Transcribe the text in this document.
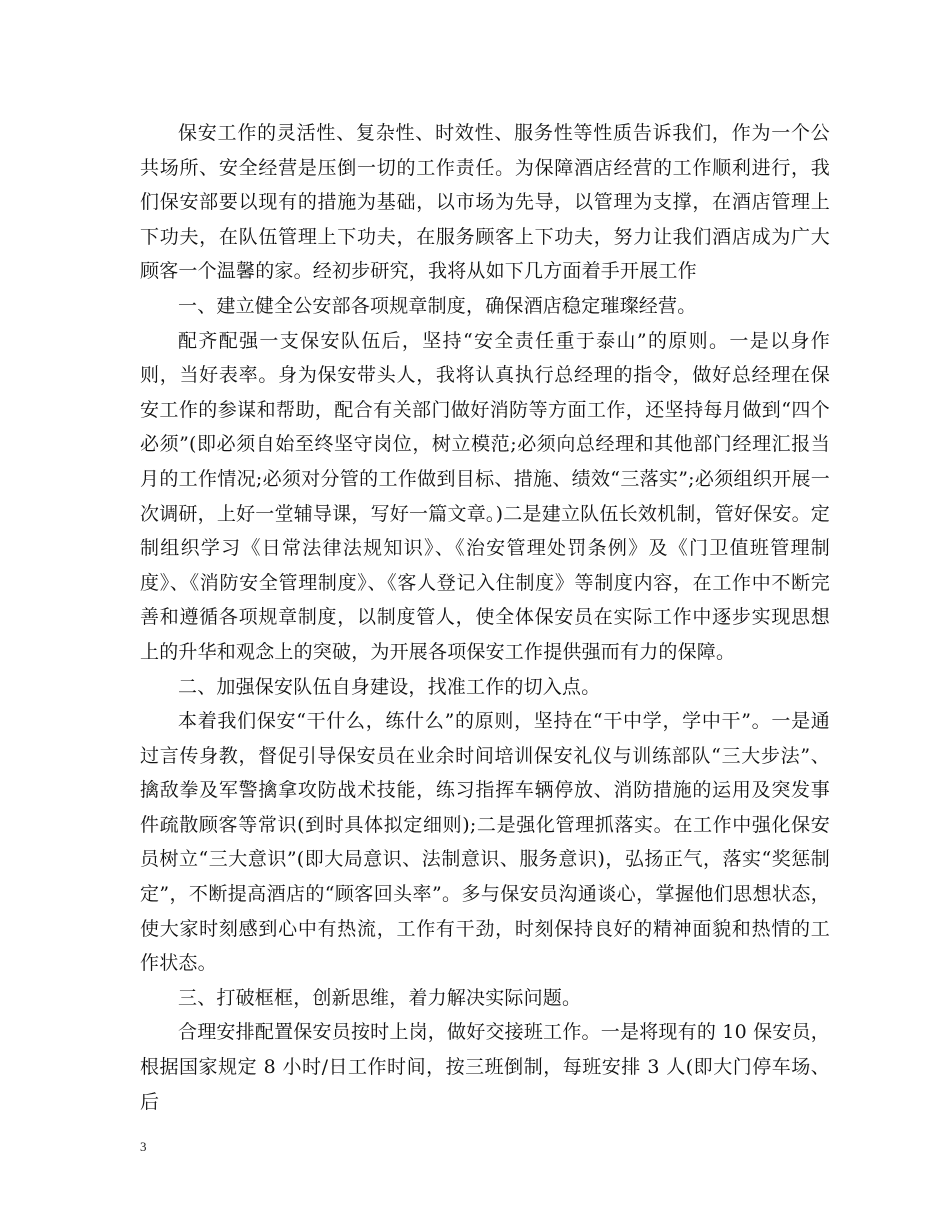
保安工作的灵活性、复杂性、时效性、服务性等性质告诉我们，作为一个公共场所、安全经营是压倒一切的工作责任。为保障酒店经营的工作顺利进行，我们保安部要以现有的措施为基础，以市场为先导，以管理为支撑，在酒店管理上下功夫，在队伍管理上下功夫，在服务顾客上下功夫，努力让我们酒店成为广大顾客一个温馨的家。经初步研究，我将从如下几方面着手开展工作

一、建立健全公安部各项规章制度，确保酒店稳定璀璨经营。

配齐配强一支保安队伍后，坚持“安全责任重于泰山”的原则。一是以身作则，当好表率。身为保安带头人，我将认真执行总经理的指令，做好总经理在保安工作的参谋和帮助，配合有关部门做好消防等方面工作，还坚持每月做到“四个必须”(即必须自始至终坚守岗位，树立模范;必须向总经理和其他部门经理汇报当月的工作情况;必须对分管的工作做到目标、措施、绩效“三落实”;必须组织开展一次调研，上好一堂辅导课，写好一篇文章。)二是建立队伍长效机制，管好保安。定制组织学习《日常法律法规知识》、《治安管理处罚条例》及《门卫值班管理制度》、《消防安全管理制度》、《客人登记入住制度》等制度内容，在工作中不断完善和遵循各项规章制度，以制度管人，使全体保安员在实际工作中逐步实现思想上的升华和观念上的突破，为开展各项保安工作提供强而有力的保障。

二、加强保安队伍自身建设，找准工作的切入点。

本着我们保安“干什么，练什么”的原则，坚持在“干中学，学中干”。一是通过言传身教，督促引导保安员在业余时间培训保安礼仪与训练部队“三大步法”、擒敌拳及军警擒拿攻防战术技能，练习指挥车辆停放、消防措施的运用及突发事件疏散顾客等常识(到时具体拟定细则);二是强化管理抓落实。在工作中强化保安员树立“三大意识”(即大局意识、法制意识、服务意识)，弘扬正气，落实“奖惩制定”，不断提高酒店的“顾客回头率”。多与保安员沟通谈心，掌握他们思想状态，使大家时刻感到心中有热流，工作有干劲，时刻保持良好的精神面貌和热情的工作状态。

三、打破框框，创新思维，着力解决实际问题。

合理安排配置保安员按时上岗，做好交接班工作。一是将现有的 10 保安员，根据国家规定 8 小时/日工作时间，按三班倒制，每班安排 3 人(即大门停车场、后

3
